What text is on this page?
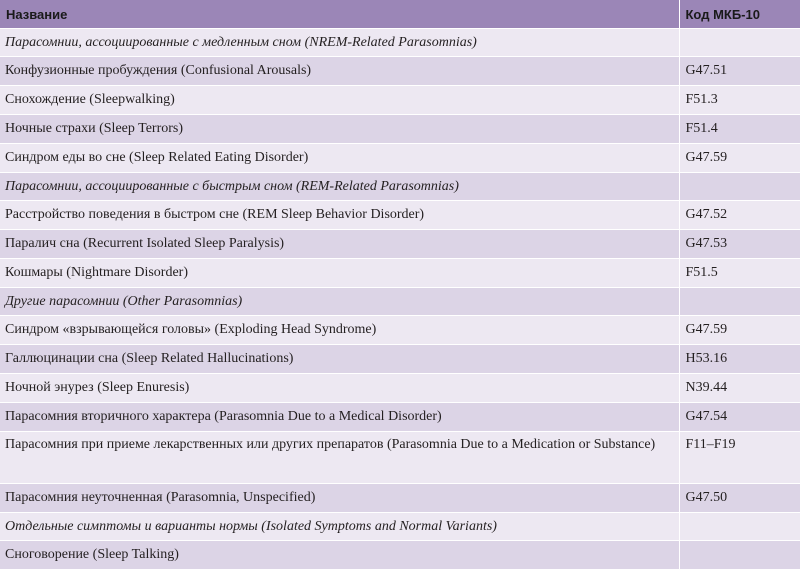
Название	Код МКБ-10
Парасомнии, ассоциированные с медленным сном (NREM-Related Parasomnias)	
Конфузионные пробуждения (Confusional Arousals)	G47.51
Снохождение (Sleepwalking)	F51.3
Ночные страхи (Sleep Terrors)	F51.4
Синдром еды во сне (Sleep Related Eating Disorder)	G47.59
Парасомнии, ассоциированные с быстрым сном (REM-Related Parasomnias)	
Расстройство поведения в быстром сне (REM Sleep Behavior Disorder)	G47.52
Паралич сна (Recurrent Isolated Sleep Paralysis)	G47.53
Кошмары (Nightmare Disorder)	F51.5
Другие парасомнии (Other Parasomnias)	
Синдром «взрывающейся головы» (Exploding Head Syndrome)	G47.59
Галлюцинации сна (Sleep Related Hallucinations)	H53.16
Ночной энурез (Sleep Enuresis)	N39.44
Парасомния вторичного характера (Parasomnia Due to a Medical Disorder)	G47.54
Парасомния при приеме лекарственных или других препаратов (Parasomnia Due to a Medication or Substance)	F11–F19
Парасомния неуточненная (Parasomnia, Unspecified)	G47.50
Отдельные симптомы и варианты нормы (Isolated Symptoms and Normal Variants)	
Сноговорение (Sleep Talking)	
